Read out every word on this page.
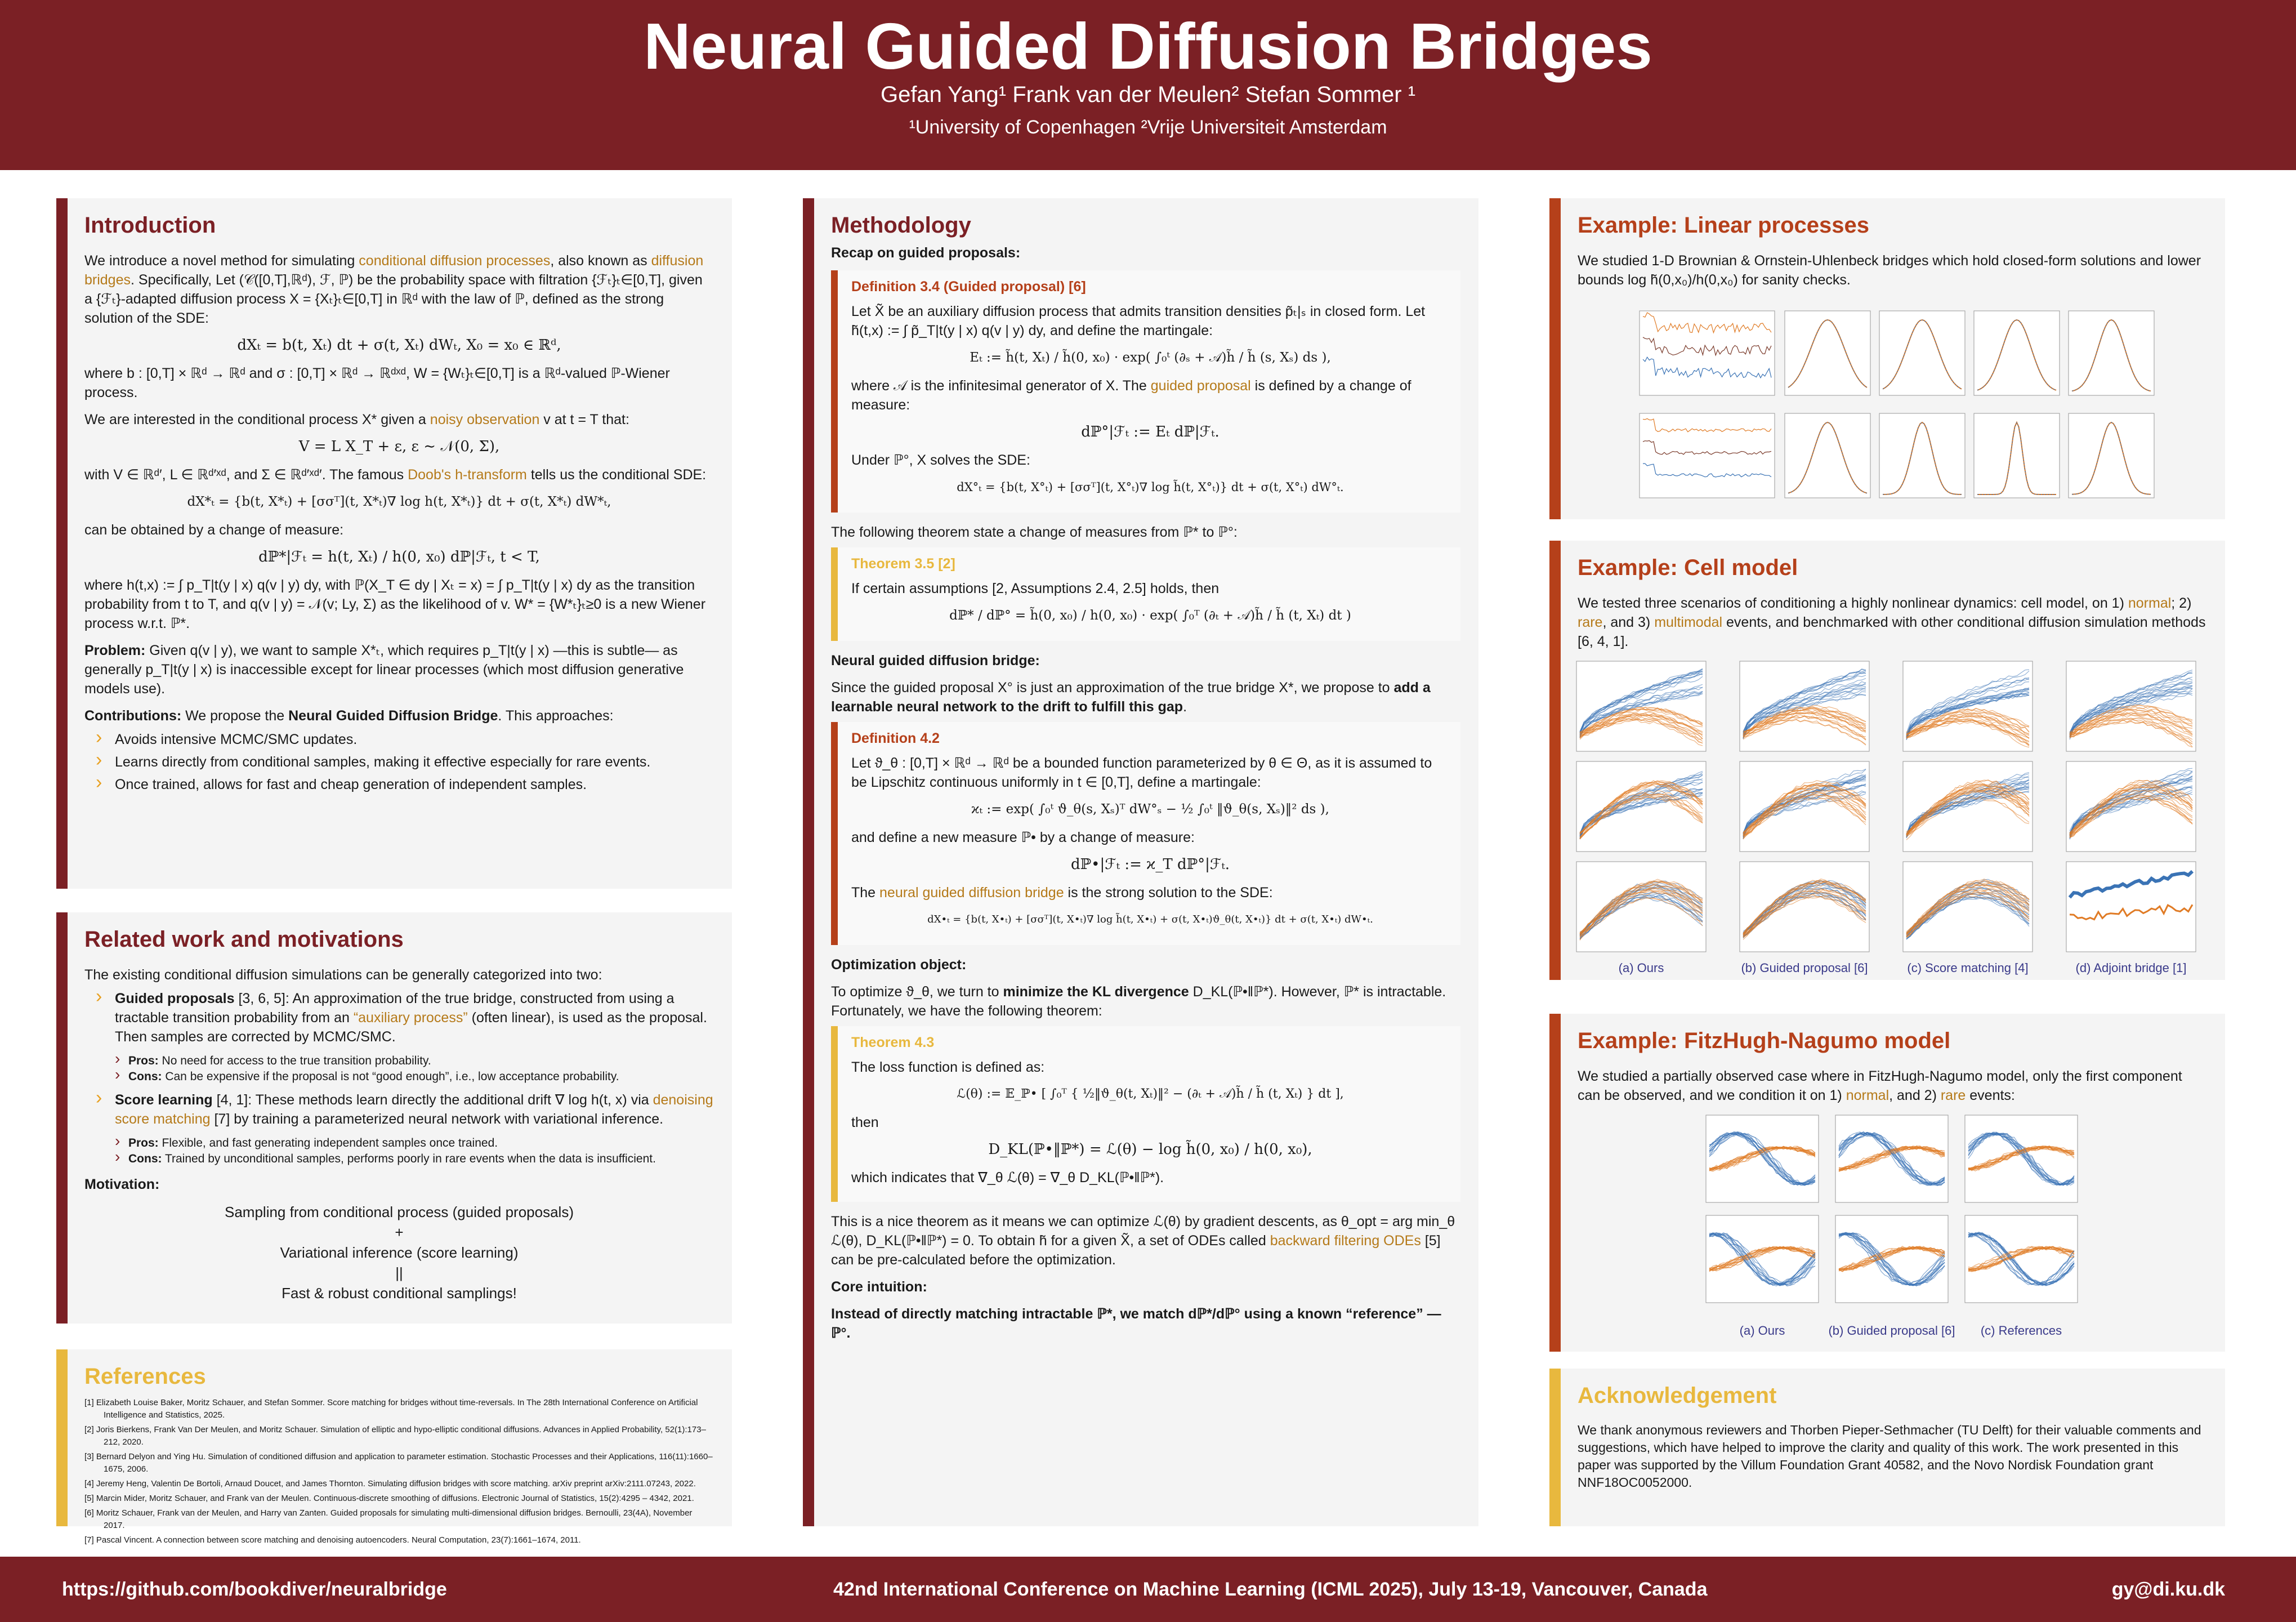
Neural Guided Diffusion Bridges
Gefan Yang¹ Frank van der Meulen² Stefan Sommer ¹
¹University of Copenhagen ²Vrije Universiteit Amsterdam
Introduction

We introduce a novel method for simulating conditional diffusion processes, also known as diffusion bridges. Specifically, Let (𝒞([0,T],ℝᵈ), ℱ, ℙ) be the probability space with filtration {ℱₜ}ₜ∈[0,T], given a {ℱₜ}-adapted diffusion process X = {Xₜ}ₜ∈[0,T] in ℝᵈ with the law of ℙ, defined as the strong solution of the SDE:

dXₜ = b(t, Xₜ) dt + σ(t, Xₜ) dWₜ, X₀ = x₀ ∈ ℝᵈ,

where b : [0,T] × ℝᵈ → ℝᵈ and σ : [0,T] × ℝᵈ → ℝᵈˣᵈ, W = {Wₜ}ₜ∈[0,T] is a ℝᵈ-valued ℙ-Wiener process.

We are interested in the conditional process X* given a noisy observation v at t = T that:

V = L X_T + ε, ε ∼ 𝒩(0, Σ),

with V ∈ ℝᵈ′, L ∈ ℝᵈ′ˣᵈ, and Σ ∈ ℝᵈ′ˣᵈ′. The famous Doob's h-transform tells us the conditional SDE:

dX*ₜ = {b(t, X*ₜ) + [σσᵀ](t, X*ₜ)∇ log h(t, X*ₜ)} dt + σ(t, X*ₜ) dW*ₜ,

can be obtained by a change of measure:

dℙ*|ℱₜ = h(t, Xₜ) / h(0, x₀) dℙ|ℱₜ, t < T,

where h(t,x) := ∫ p_T|t(y | x) q(v | y) dy, with ℙ(X_T ∈ dy | Xₜ = x) = ∫ p_T|t(y | x) dy as the transition probability from t to T, and q(v | y) = 𝒩(v; Ly, Σ) as the likelihood of v. W* = {W*ₜ}ₜ≥0 is a new Wiener process w.r.t. ℙ*.

Problem: Given q(v | y), we want to sample X*ₜ, which requires p_T|t(y | x) —this is subtle— as generally p_T|t(y | x) is inaccessible except for linear processes (which most diffusion generative models use).

Contributions: We propose the Neural Guided Diffusion Bridge. This approaches:

› Avoids intensive MCMC/SMC updates.
› Learns directly from conditional samples, making it effective especially for rare events.
› Once trained, allows for fast and cheap generation of independent samples.
Related work and motivations

The existing conditional diffusion simulations can be generally categorized into two:

› Guided proposals [3, 6, 5]: An approximation of the true bridge, constructed from using a tractable transition probability from an “auxiliary process” (often linear), is used as the proposal. Then samples are corrected by MCMC/SMC.
› Pros: No need for access to the true transition probability.
› Cons: Can be expensive if the proposal is not “good enough”, i.e., low acceptance probability.
› Score learning [4, 1]: These methods learn directly the additional drift ∇ log h(t, x) via denoising score matching [7] by training a parameterized neural network with variational inference.
› Pros: Flexible, and fast generating independent samples once trained.
› Cons: Trained by unconditional samples, performs poorly in rare events when the data is insufficient.

Motivation:

Sampling from conditional process (guided proposals)
+
Variational inference (score learning)
||
Fast & robust conditional samplings!
References
[1] Elizabeth Louise Baker, Moritz Schauer, and Stefan Sommer. Score matching for bridges without time-reversals. In The 28th International Conference on Artificial Intelligence and Statistics, 2025.
[2] Joris Bierkens, Frank Van Der Meulen, and Moritz Schauer. Simulation of elliptic and hypo-elliptic conditional diffusions. Advances in Applied Probability, 52(1):173–212, 2020.
[3] Bernard Delyon and Ying Hu. Simulation of conditioned diffusion and application to parameter estimation. Stochastic Processes and their Applications, 116(11):1660–1675, 2006.
[4] Jeremy Heng, Valentin De Bortoli, Arnaud Doucet, and James Thornton. Simulating diffusion bridges with score matching. arXiv preprint arXiv:2111.07243, 2022.
[5] Marcin Mider, Moritz Schauer, and Frank van der Meulen. Continuous-discrete smoothing of diffusions. Electronic Journal of Statistics, 15(2):4295 – 4342, 2021.
[6] Moritz Schauer, Frank van der Meulen, and Harry van Zanten. Guided proposals for simulating multi-dimensional diffusion bridges. Bernoulli, 23(4A), November 2017.
[7] Pascal Vincent. A connection between score matching and denoising autoencoders. Neural Computation, 23(7):1661–1674, 2011.
Methodology

Recap on guided proposals:

Definition 3.4 (Guided proposal) [6]

Let X̃ be an auxiliary diffusion process that admits transition densities p̃ₜ|ₛ in closed form. Let h̃(t,x) := ∫ p̃_T|t(y | x) q(v | y) dy, and define the martingale:

Eₜ := h̃(t, Xₜ) / h̃(0, x₀) · exp( ∫₀ᵗ (∂ₛ + 𝒜)h̃ / h̃ (s, Xₛ) ds ),

where 𝒜 is the infinitesimal generator of X. The guided proposal is defined by a change of measure:

dℙ°|ℱₜ := Eₜ dℙ|ℱₜ.

Under ℙ°, X solves the SDE:

dX°ₜ = {b(t, X°ₜ) + [σσᵀ](t, X°ₜ)∇ log h̃(t, X°ₜ)} dt + σ(t, X°ₜ) dW°ₜ.

The following theorem state a change of measures from ℙ* to ℙ°:

Theorem 3.5 [2]

If certain assumptions [2, Assumptions 2.4, 2.5] holds, then

dℙ* / dℙ° = h̃(0, x₀) / h(0, x₀) · exp( ∫₀ᵀ (∂ₜ + 𝒜)h̃ / h̃ (t, Xₜ) dt )

Neural guided diffusion bridge:

Since the guided proposal X° is just an approximation of the true bridge X*, we propose to add a learnable neural network to the drift to fulfill this gap.

Definition 4.2

Let ϑ_θ : [0,T] × ℝᵈ → ℝᵈ be a bounded function parameterized by θ ∈ Θ, as it is assumed to be Lipschitz continuous uniformly in t ∈ [0,T], define a martingale:

ϰₜ := exp( ∫₀ᵗ ϑ_θ(s, Xₛ)ᵀ dW°ₛ − ½ ∫₀ᵗ ‖ϑ_θ(s, Xₛ)‖² ds ),

and define a new measure ℙ• by a change of measure:

dℙ•|ℱₜ := ϰ_T dℙ°|ℱₜ.

The neural guided diffusion bridge is the strong solution to the SDE:

dX•ₜ = {b(t, X•ₜ) + [σσᵀ](t, X•ₜ)∇ log h̃(t, X•ₜ) + σ(t, X•ₜ)ϑ_θ(t, X•ₜ)} dt + σ(t, X•ₜ) dW•ₜ.

Optimization object:

To optimize ϑ_θ, we turn to minimize the KL divergence D_KL(ℙ•‖ℙ*). However, ℙ* is intractable. Fortunately, we have the following theorem:

Theorem 4.3

The loss function is defined as:

ℒ(θ) := 𝔼_ℙ• [ ∫₀ᵀ { ½‖ϑ_θ(t, Xₜ)‖² − (∂ₜ + 𝒜)h̃ / h̃ (t, Xₜ) } dt ],

then

D_KL(ℙ•‖ℙ*) = ℒ(θ) − log h̃(0, x₀) / h(0, x₀),

which indicates that ∇_θ ℒ(θ) = ∇_θ D_KL(ℙ•‖ℙ*).

This is a nice theorem as it means we can optimize ℒ(θ) by gradient descents, as θ_opt = arg min_θ ℒ(θ), D_KL(ℙ•‖ℙ*) = 0. To obtain h̃ for a given X̃, a set of ODEs called backward filtering ODEs [5] can be pre-calculated before the optimization.

Core intuition:

Instead of directly matching intractable ℙ*, we match dℙ*/dℙ° using a known “reference” — ℙ°.

Example: Linear processes

We studied 1-D Brownian & Ornstein-Uhlenbeck bridges which hold closed-form solutions and lower bounds log h̃(0,x₀)/h(0,x₀) for sanity checks.

Example: Cell model

We tested three scenarios of conditioning a highly nonlinear dynamics: cell model, on 1) normal; 2) rare, and 3) multimodal events, and benchmarked with other conditional diffusion simulation methods [6, 4, 1].

(a) Ours	(b) Guided proposal [6]	(c) Score matching [4]	(d) Adjoint bridge [1]
Example: FitzHugh-Nagumo model

We studied a partially observed case where in FitzHugh-Nagumo model, only the first component can be observed, and we condition it on 1) normal, and 2) rare events:

(a) Ours	(b) Guided proposal [6] (c) References
Acknowledgement

We thank anonymous reviewers and Thorben Pieper-Sethmacher (TU Delft) for their valuable comments and suggestions, which have helped to improve the clarity and quality of this work. The work presented in this paper was supported by the Villum Foundation Grant 40582, and the Novo Nordisk Foundation grant NNF18OC0052000.

https://github.com/bookdiver/neuralbridge	42nd International Conference on Machine Learning (ICML 2025), July 13-19, Vancouver, Canada	gy@di.ku.dk
